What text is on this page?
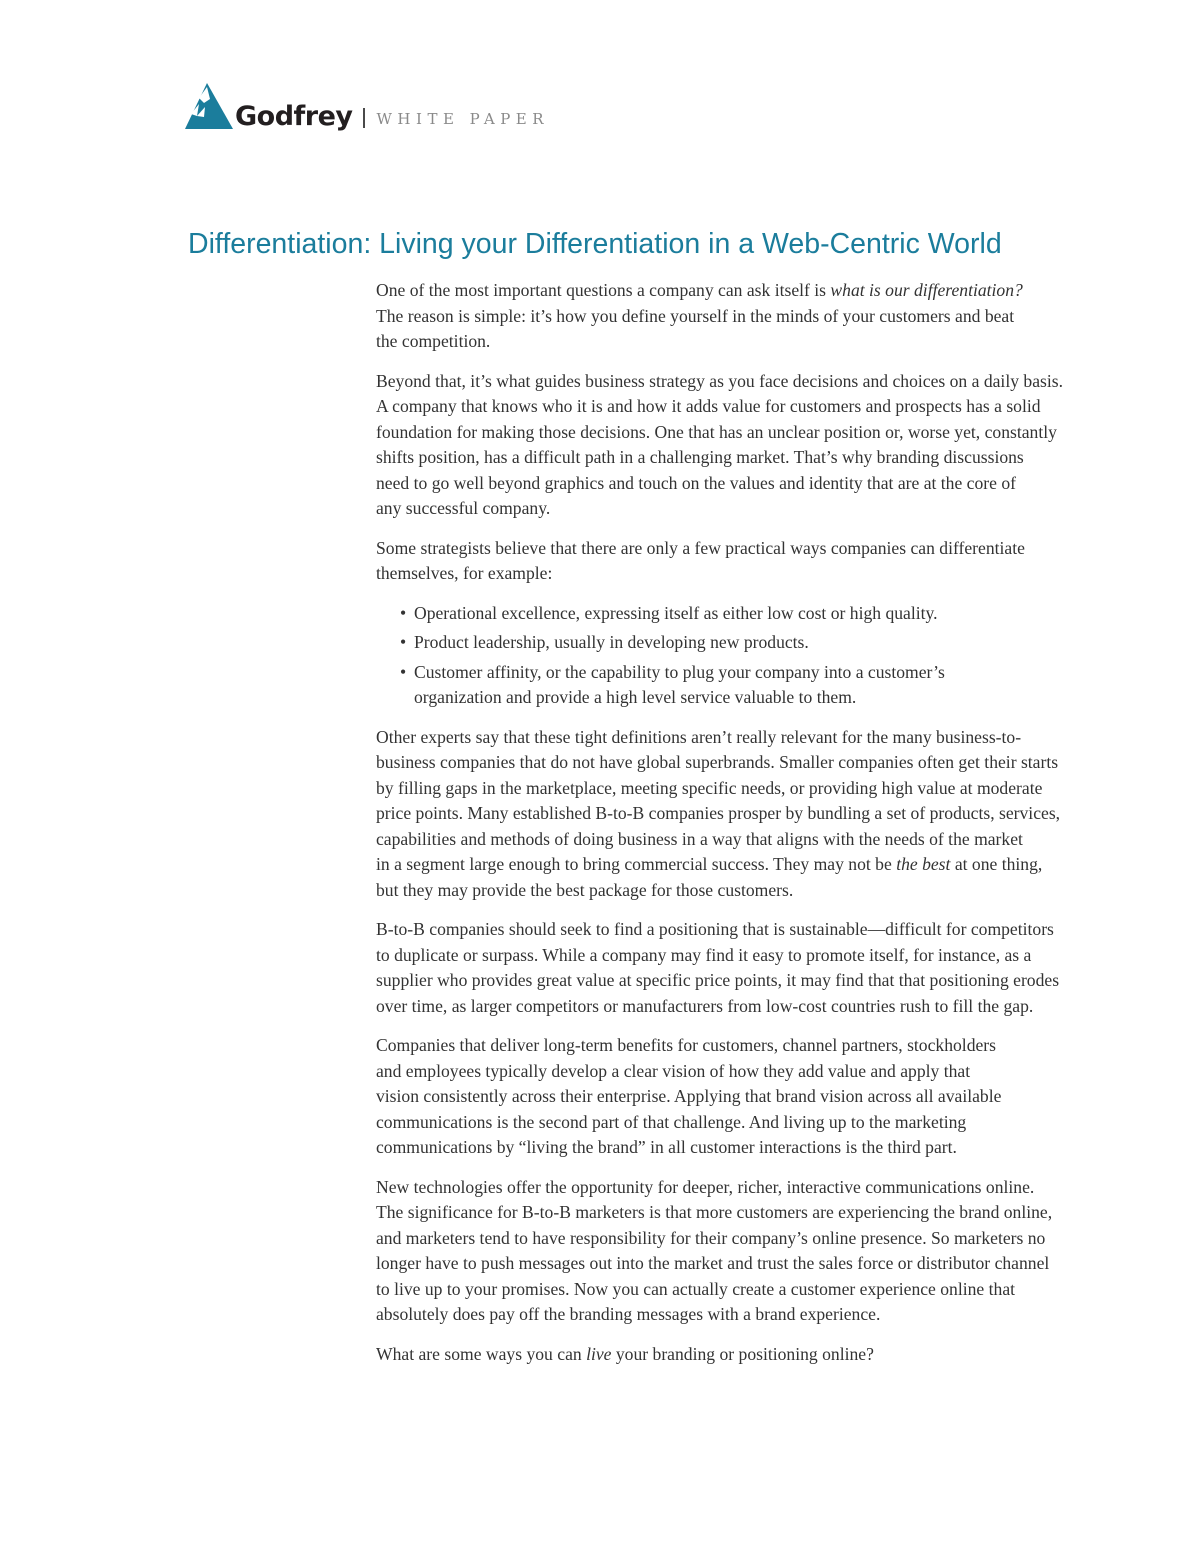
Godfrey WHITE PAPER
Differentiation: Living your Differentiation in a Web-Centric World

One of the most important questions a company can ask itself is what is our differentiation?
The reason is simple: it’s how you define yourself in the minds of your customers and beat
the competition.

Beyond that, it’s what guides business strategy as you face decisions and choices on a daily basis.
A company that knows who it is and how it adds value for customers and prospects has a solid
foundation for making those decisions. One that has an unclear position or, worse yet, constantly
shifts position, has a difficult path in a challenging market. That’s why branding discussions
need to go well beyond graphics and touch on the values and identity that are at the core of
any successful company.

Some strategists believe that there are only a few practical ways companies can differentiate
themselves, for example:

• Operational excellence, expressing itself as either low cost or high quality.
• Product leadership, usually in developing new products.
• Customer affinity, or the capability to plug your company into a customer’s
organization and provide a high level service valuable to them.

Other experts say that these tight definitions aren’t really relevant for the many business-to-
business companies that do not have global superbrands. Smaller companies often get their starts
by filling gaps in the marketplace, meeting specific needs, or providing high value at moderate
price points. Many established B-to-B companies prosper by bundling a set of products, services,
capabilities and methods of doing business in a way that aligns with the needs of the market
in a segment large enough to bring commercial success. They may not be the best at one thing,
but they may provide the best package for those customers.

B-to-B companies should seek to find a positioning that is sustainable—difficult for competitors
to duplicate or surpass. While a company may find it easy to promote itself, for instance, as a
supplier who provides great value at specific price points, it may find that that positioning erodes
over time, as larger competitors or manufacturers from low-cost countries rush to fill the gap.

Companies that deliver long-term benefits for customers, channel partners, stockholders
and employees typically develop a clear vision of how they add value and apply that
vision consistently across their enterprise. Applying that brand vision across all available
communications is the second part of that challenge. And living up to the marketing
communications by “living the brand” in all customer interactions is the third part.

New technologies offer the opportunity for deeper, richer, interactive communications online.
The significance for B-to-B marketers is that more customers are experiencing the brand online,
and marketers tend to have responsibility for their company’s online presence. So marketers no
longer have to push messages out into the market and trust the sales force or distributor channel
to live up to your promises. Now you can actually create a customer experience online that
absolutely does pay off the branding messages with a brand experience.

What are some ways you can live your branding or positioning online?
